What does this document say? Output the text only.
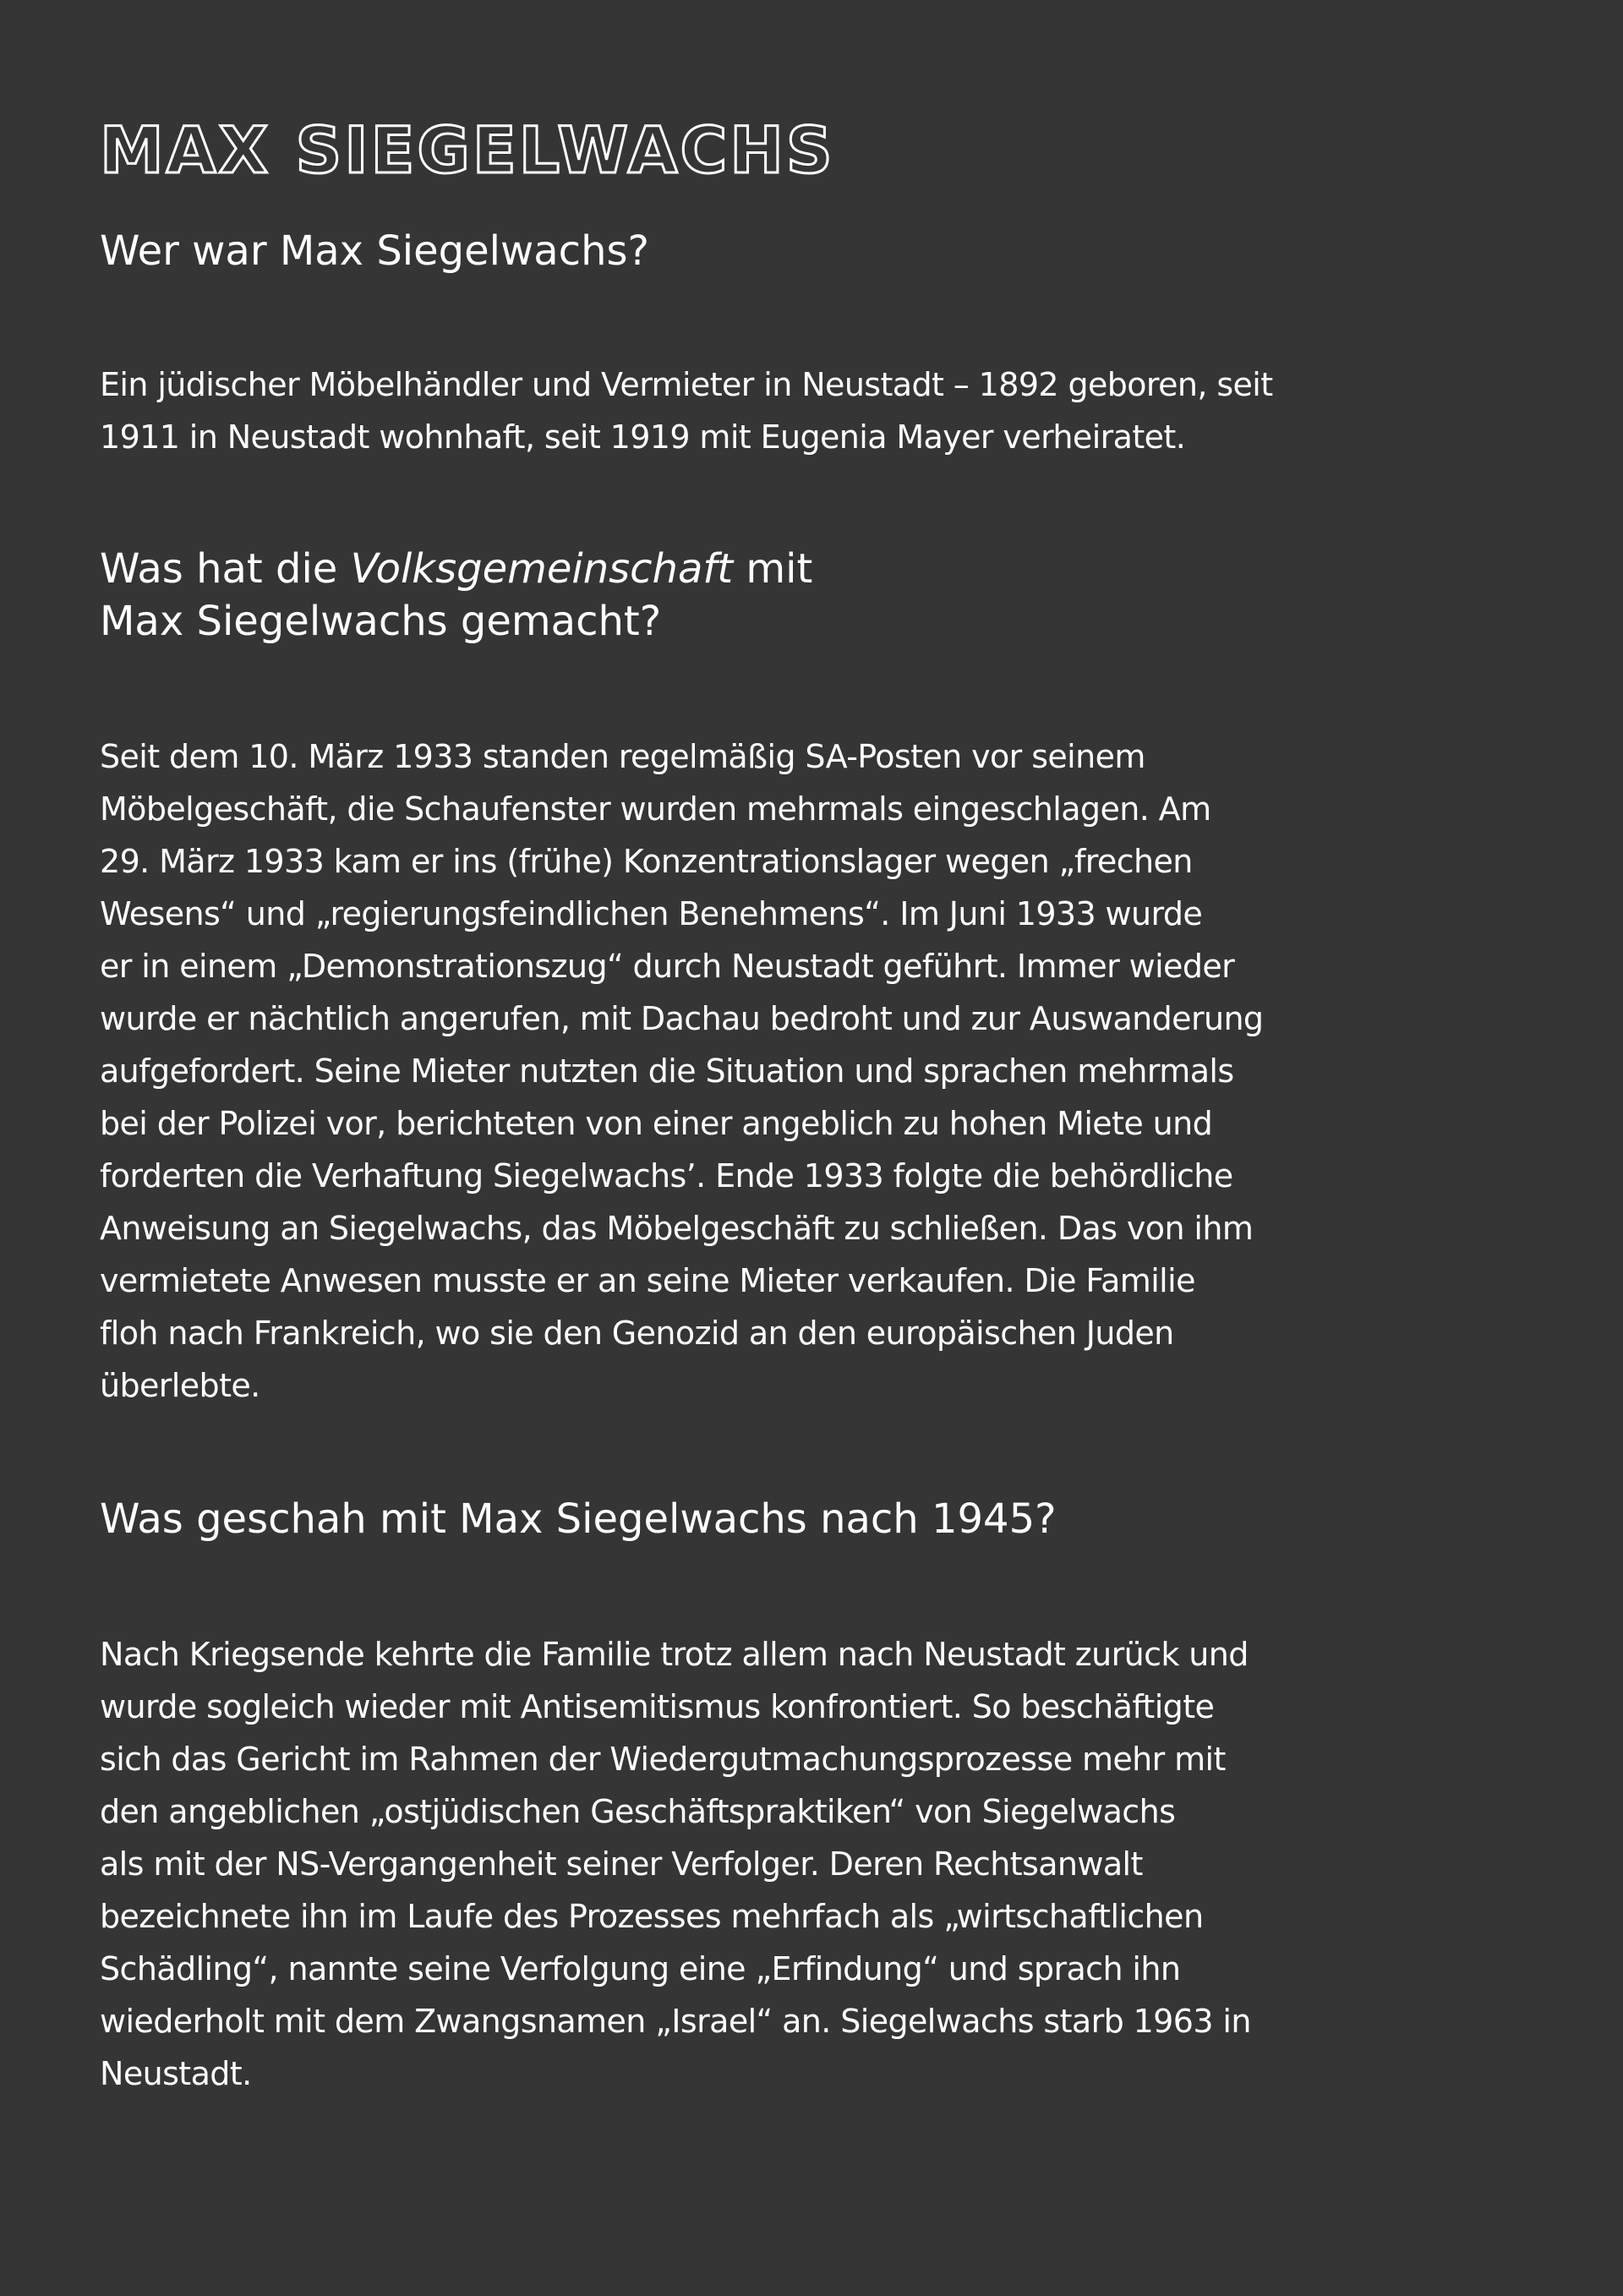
MAX SIEGELWACHS
Wer war Max Siegelwachs?

Ein jüdischer Möbelhändler und Vermieter in Neustadt – 1892 geboren, seit
1911 in Neustadt wohnhaft, seit 1919 mit Eugenia Mayer verheiratet.

Was hat die Volksgemeinschaft mit
Max Siegelwachs gemacht?

Seit dem 10. März 1933 standen regelmäßig SA-Posten vor seinem
Möbelgeschäft, die Schaufenster wurden mehrmals eingeschlagen. Am
29. März 1933 kam er ins (frühe) Konzentrationslager wegen „frechen
Wesens“ und „regierungsfeindlichen Benehmens“. Im Juni 1933 wurde
er in einem „Demonstrationszug“ durch Neustadt geführt. Immer wieder
wurde er nächtlich angerufen, mit Dachau bedroht und zur Auswanderung
aufgefordert. Seine Mieter nutzten die Situation und sprachen mehrmals
bei der Polizei vor, berichteten von einer angeblich zu hohen Miete und
forderten die Verhaftung Siegelwachs’. Ende 1933 folgte die behördliche
Anweisung an Siegelwachs, das Möbelgeschäft zu schließen. Das von ihm
vermietete Anwesen musste er an seine Mieter verkaufen. Die Familie
floh nach Frankreich, wo sie den Genozid an den europäischen Juden
überlebte.

Was geschah mit Max Siegelwachs nach 1945?

Nach Kriegsende kehrte die Familie trotz allem nach Neustadt zurück und
wurde sogleich wieder mit Antisemitismus konfrontiert. So beschäftigte
sich das Gericht im Rahmen der Wiedergutmachungsprozesse mehr mit
den angeblichen „ostjüdischen Geschäftspraktiken“ von Siegelwachs
als mit der NS-Vergangenheit seiner Verfolger. Deren Rechtsanwalt
bezeichnete ihn im Laufe des Prozesses mehrfach als „wirtschaftlichen
Schädling“, nannte seine Verfolgung eine „Erfindung“ und sprach ihn
wiederholt mit dem Zwangsnamen „Israel“ an. Siegelwachs starb 1963 in
Neustadt.
